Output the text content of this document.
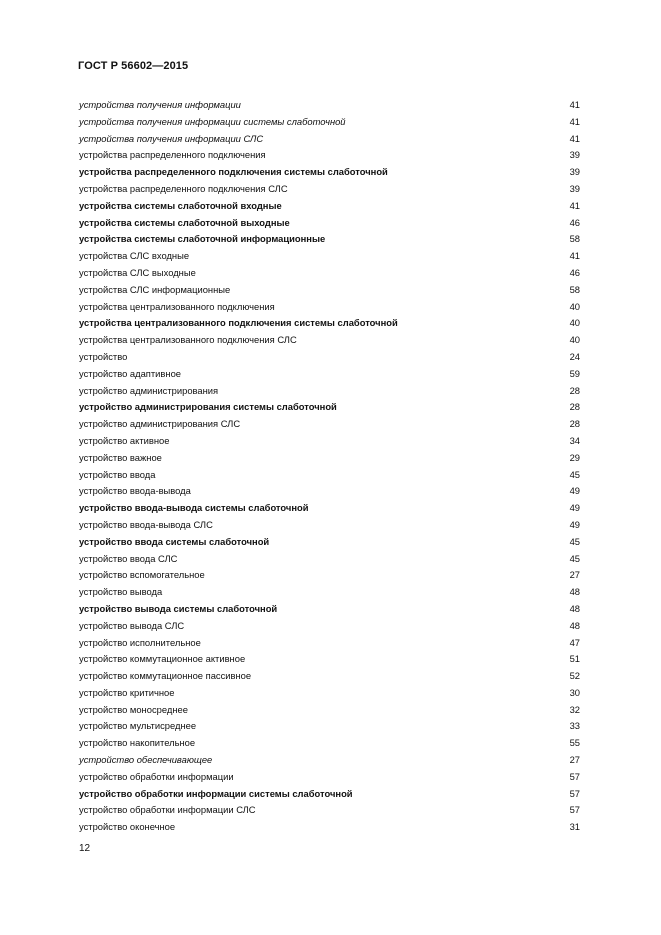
ГОСТ Р 56602—2015
устройства получения информации	41
устройства получения информации системы слаботочной	41
устройства получения информации СЛС	41
устройства распределенного подключения	39
устройства распределенного подключения системы слаботочной	39
устройства распределенного подключения СЛС	39
устройства системы слаботочной входные	41
устройства системы слаботочной выходные	46
устройства системы слаботочной информационные	58
устройства СЛС входные	41
устройства СЛС выходные	46
устройства СЛС информационные	58
устройства централизованного подключения	40
устройства централизованного подключения системы слаботочной	40
устройства централизованного подключения СЛС	40
устройство	24
устройство адаптивное	59
устройство администрирования	28
устройство администрирования системы слаботочной	28
устройство администрирования СЛС	28
устройство активное	34
устройство важное	29
устройство ввода	45
устройство ввода-вывода	49
устройство ввода-вывода системы слаботочной	49
устройство ввода-вывода СЛС	49
устройство ввода системы слаботочной	45
устройство ввода СЛС	45
устройство вспомогательное	27
устройство вывода	48
устройство вывода системы слаботочной	48
устройство вывода СЛС	48
устройство исполнительное	47
устройство коммутационное активное	51
устройство коммутационное пассивное	52
устройство критичное	30
устройство моносреднее	32
устройство мультисреднее	33
устройство накопительное	55
устройство обеспечивающее	27
устройство обработки информации	57
устройство обработки информации системы слаботочной	57
устройство обработки информации СЛС	57
устройство оконечное	31
12
